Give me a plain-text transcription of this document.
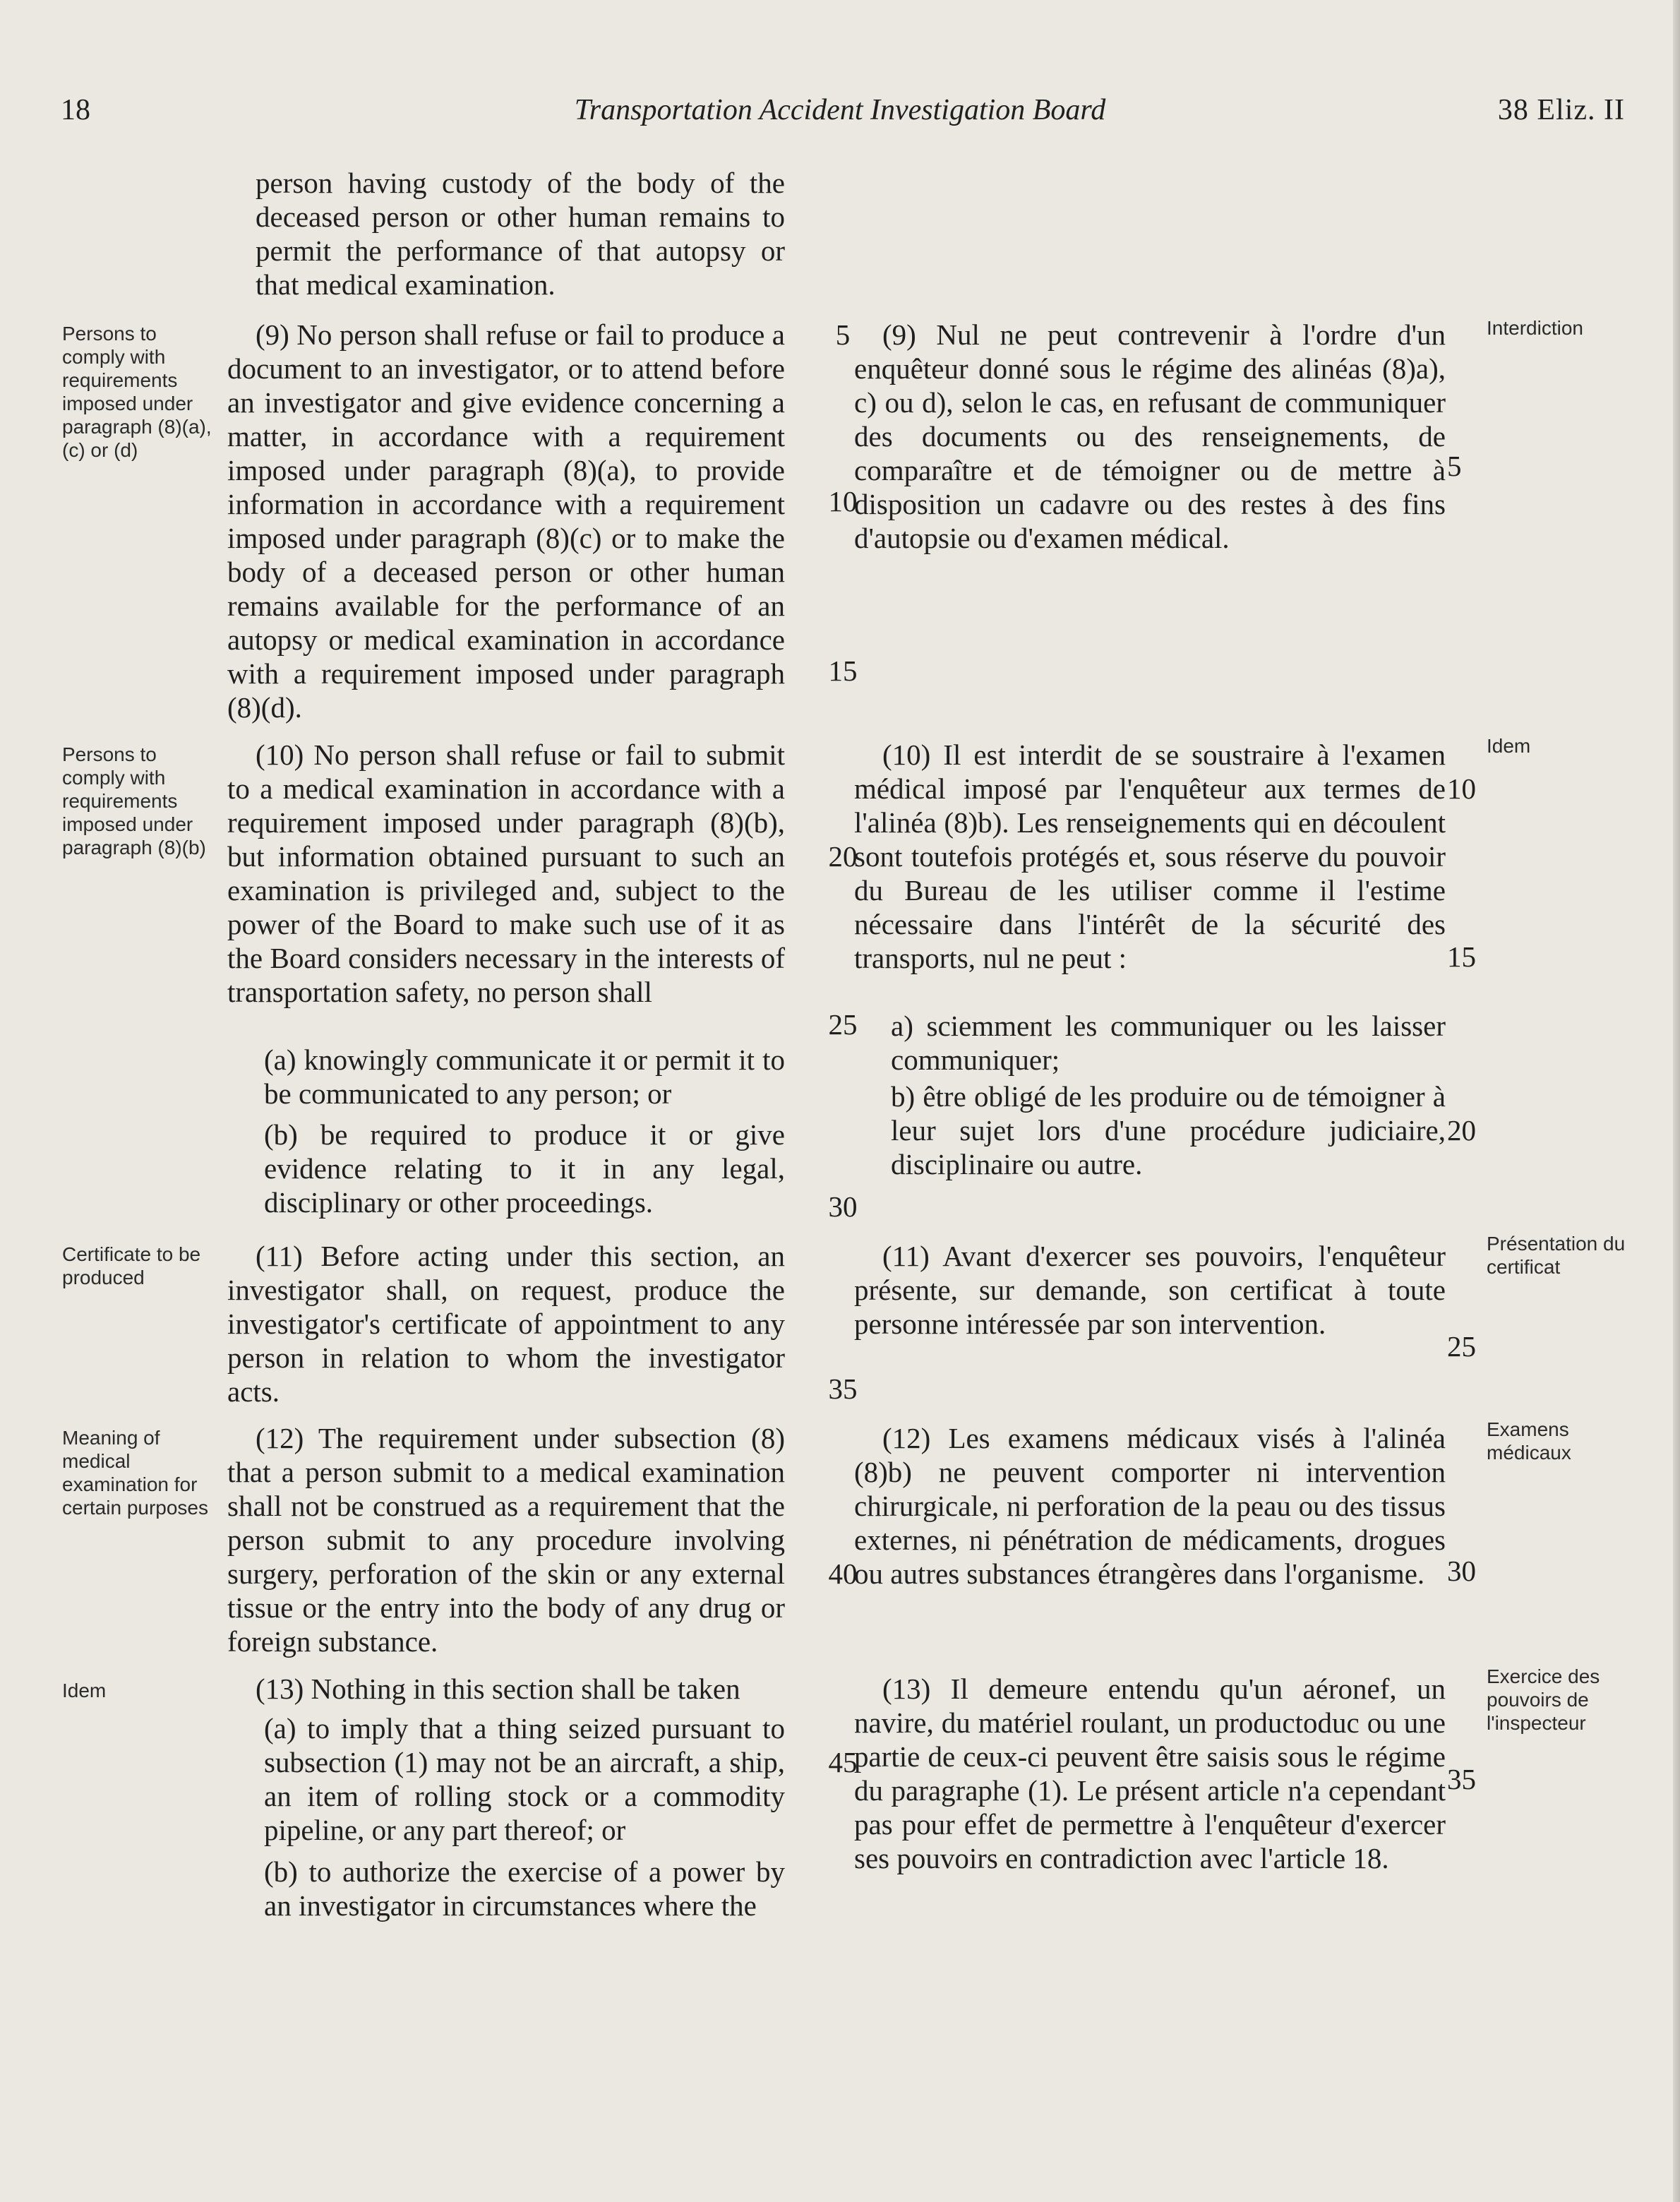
18	Transportation Accident Investigation Board	38 Eliz. II

person having custody of the body of the deceased person or other human remains to permit the performance of that autopsy or that medical examination.

(9) No person shall refuse or fail to produce a document to an investigator, or to attend before an investigator and give evidence concerning a matter, in accordance with a requirement imposed under paragraph (8)(a), to provide information in accordance with a requirement imposed under paragraph (8)(c) or to make the body of a deceased person or other human remains available for the performance of an autopsy or medical examination in accordance with a requirement imposed under paragraph (8)(d).

(10) No person shall refuse or fail to submit to a medical examination in accordance with a requirement imposed under paragraph (8)(b), but information obtained pursuant to such an examination is privileged and, subject to the power of the Board to make such use of it as the Board considers necessary in the interests of transportation safety, no person shall

(a) knowingly communicate it or permit it to be communicated to any person; or

(b) be required to produce it or give evidence relating to it in any legal, disciplinary or other proceedings.

(11) Before acting under this section, an investigator shall, on request, produce the investigator's certificate of appointment to any person in relation to whom the investigator acts.

(12) The requirement under subsection (8) that a person submit to a medical examination shall not be construed as a requirement that the person submit to any procedure involving surgery, perforation of the skin or any external tissue or the entry into the body of any drug or foreign substance.

(13) Nothing in this section shall be taken

(a) to imply that a thing seized pursuant to subsection (1) may not be an aircraft, a ship, an item of rolling stock or a commodity pipeline, or any part thereof; or

(b) to authorize the exercise of a power by an investigator in circumstances where the

(9) Nul ne peut contrevenir à l'ordre d'un enquêteur donné sous le régime des alinéas (8)a), c) ou d), selon le cas, en refusant de communiquer des documents ou des renseignements, de comparaître et de témoigner ou de mettre à disposition un cadavre ou des restes à des fins d'autopsie ou d'examen médical.

(10) Il est interdit de se soustraire à l'examen médical imposé par l'enquêteur aux termes de l'alinéa (8)b). Les renseignements qui en découlent sont toutefois protégés et, sous réserve du pouvoir du Bureau de les utiliser comme il l'estime nécessaire dans l'intérêt de la sécurité des transports, nul ne peut :

a) sciemment les communiquer ou les laisser communiquer;

b) être obligé de les produire ou de témoigner à leur sujet lors d'une procédure judiciaire, disciplinaire ou autre.

(11) Avant d'exercer ses pouvoirs, l'enquêteur présente, sur demande, son certificat à toute personne intéressée par son intervention.

(12) Les examens médicaux visés à l'alinéa (8)b) ne peuvent comporter ni intervention chirurgicale, ni perforation de la peau ou des tissus externes, ni pénétration de médicaments, drogues ou autres substances étrangères dans l'organisme.

(13) Il demeure entendu qu'un aéronef, un navire, du matériel roulant, un productoduc ou une partie de ceux-ci peuvent être saisis sous le régime du paragraphe (1). Le présent article n'a cependant pas pour effet de permettre à l'enquêteur d'exercer ses pouvoirs en contradiction avec l'article 18.

Persons to comply with requirements imposed under paragraph (8)(a), (c) or (d)
Persons to comply with requirements imposed under paragraph (8)(b)
Certificate to be produced
Meaning of medical examination for certain purposes
Idem
Interdiction
Idem
Présentation du certificat
Examens médicaux
Exercice des pouvoirs de l'inspecteur
5
10
15
20
25
30
35
40
45
5
10
15
20
25
30
35
